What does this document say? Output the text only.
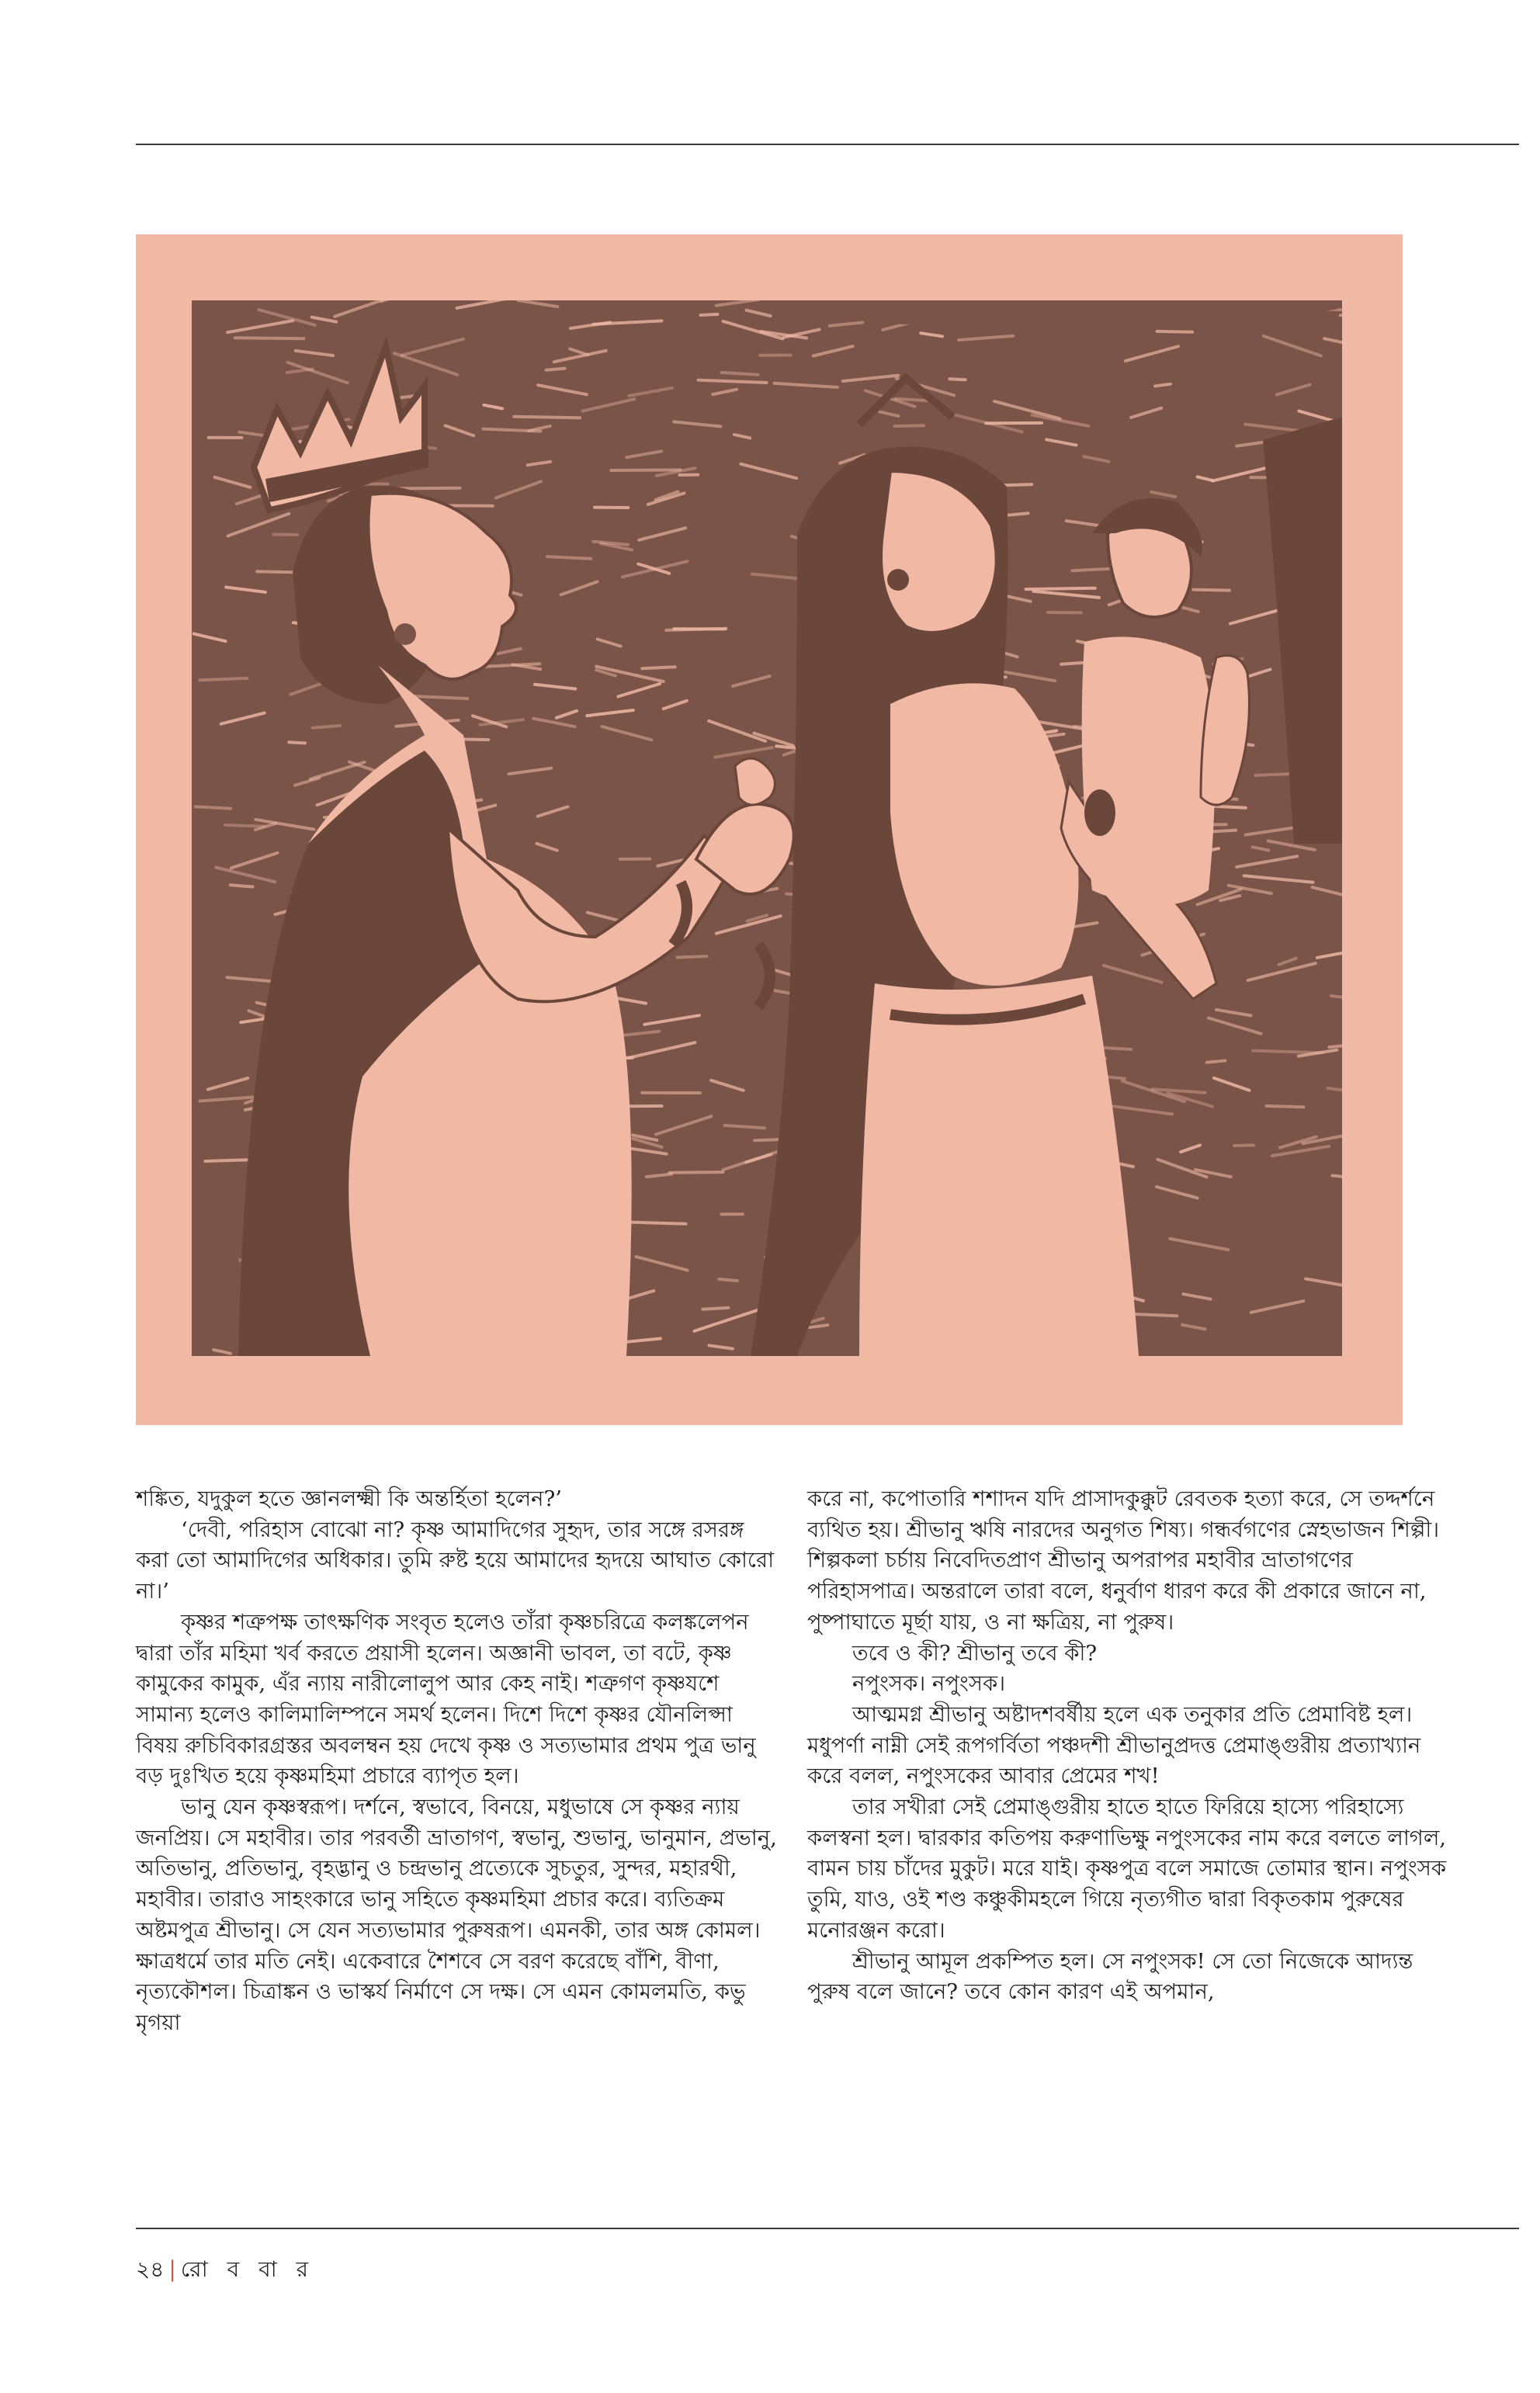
শঙ্কিত, যদুকুল হতে জ্ঞানলক্ষ্মী কি অন্তর্হিতা হলেন?’

‘দেবী, পরিহাস বোঝো না? কৃষ্ণ আমাদিগের সুহৃদ, তার সঙ্গে রসরঙ্গ করা তো আমাদিগের অধিকার। তুমি রুষ্ট হয়ে আমাদের হৃদয়ে আঘাত কোরো না।’

কৃষ্ণর শত্রুপক্ষ তাৎক্ষণিক সংবৃত হলেও তাঁরা কৃষ্ণচরিত্রে কলঙ্কলেপন দ্বারা তাঁর মহিমা খর্ব করতে প্রয়াসী হলেন। অজ্ঞানী ভাবল, তা বটে, কৃষ্ণ কামুকের কামুক, এঁর ন্যায় নারীলোলুপ আর কেহ নাই। শত্রুগণ কৃষ্ণযশে সামান্য হলেও কালিমালিম্পনে সমর্থ হলেন। দিশে দিশে কৃষ্ণর যৌনলিপ্সা বিষয় রুচিবিকারগ্রস্তর অবলম্বন হয় দেখে কৃষ্ণ ও সত্যভামার প্রথম পুত্র ভানু বড় দুঃখিত হয়ে কৃষ্ণমহিমা প্রচারে ব্যাপৃত হল।

ভানু যেন কৃষ্ণস্বরূপ। দর্শনে, স্বভাবে, বিনয়ে, মধুভাষে সে কৃষ্ণর ন্যায় জনপ্রিয়। সে মহাবীর। তার পরবর্তী ভ্রাতাগণ, স্বভানু, শুভানু, ভানুমান, প্রভানু, অতিভানু, প্রতিভানু, বৃহদ্ভানু ও চন্দ্রভানু প্রত্যেকে সুচতুর, সুন্দর, মহারথী, মহাবীর। তারাও সাহংকারে ভানু সহিতে কৃষ্ণমহিমা প্রচার করে। ব্যতিক্রম অষ্টমপুত্র শ্রীভানু। সে যেন সত্যভামার পুরুষরূপ। এমনকী, তার অঙ্গ কোমল। ক্ষাত্রধর্মে তার মতি নেই। একেবারে শৈশবে সে বরণ করেছে বাঁশি, বীণা, নৃত্যকৌশল। চিত্রাঙ্কন ও ভাস্কর্য নির্মাণে সে দক্ষ। সে এমন কোমলমতি, কভু মৃগয়া

করে না, কপোতারি শশাদন যদি প্রাসাদকুক্কুট রেবতক হত্যা করে, সে তদ্দর্শনে ব্যথিত হয়। শ্রীভানু ঋষি নারদের অনুগত শিষ্য। গন্ধর্বগণের স্নেহভাজন শিল্পী। শিল্পকলা চর্চায় নিবেদিতপ্রাণ শ্রীভানু অপরাপর মহাবীর ভ্রাতাগণের পরিহাসপাত্র। অন্তরালে তারা বলে, ধনুর্বাণ ধারণ করে কী প্রকারে জানে না, পুষ্পাঘাতে মূর্ছা যায়, ও না ক্ষত্রিয়, না পুরুষ।

তবে ও কী? শ্রীভানু তবে কী?

নপুংসক। নপুংসক।

আত্মমগ্ন শ্রীভানু অষ্টাদশবর্ষীয় হলে এক তনুকার প্রতি প্রেমাবিষ্ট হল। মধুপর্ণা নাম্নী সেই রূপগর্বিতা পঞ্চদশী শ্রীভানুপ্রদত্ত প্রেমাঙ্গুরীয় প্রত্যাখ্যান করে বলল, নপুংসকের আবার প্রেমের শখ!

তার সখীরা সেই প্রেমাঙ্গুরীয় হাতে হাতে ফিরিয়ে হাস্যে পরিহাস্যে কলস্বনা হল। দ্বারকার কতিপয় করুণাভিক্ষু নপুংসকের নাম করে বলতে লাগল, বামন চায় চাঁদের মুকুট। মরে যাই। কৃষ্ণপুত্র বলে সমাজে তোমার স্থান। নপুংসক তুমি, যাও, ওই শণ্ড কঞ্চুকীমহলে গিয়ে নৃত্যগীত দ্বারা বিকৃতকাম পুরুষের মনোরঞ্জন করো।

শ্রীভানু আমূল প্রকম্পিত হল। সে নপুংসক! সে তো নিজেকে আদ্যন্ত পুরুষ বলে জানে? তবে কোন কারণ এই অপমান,

২৪ | রো ব বা র
